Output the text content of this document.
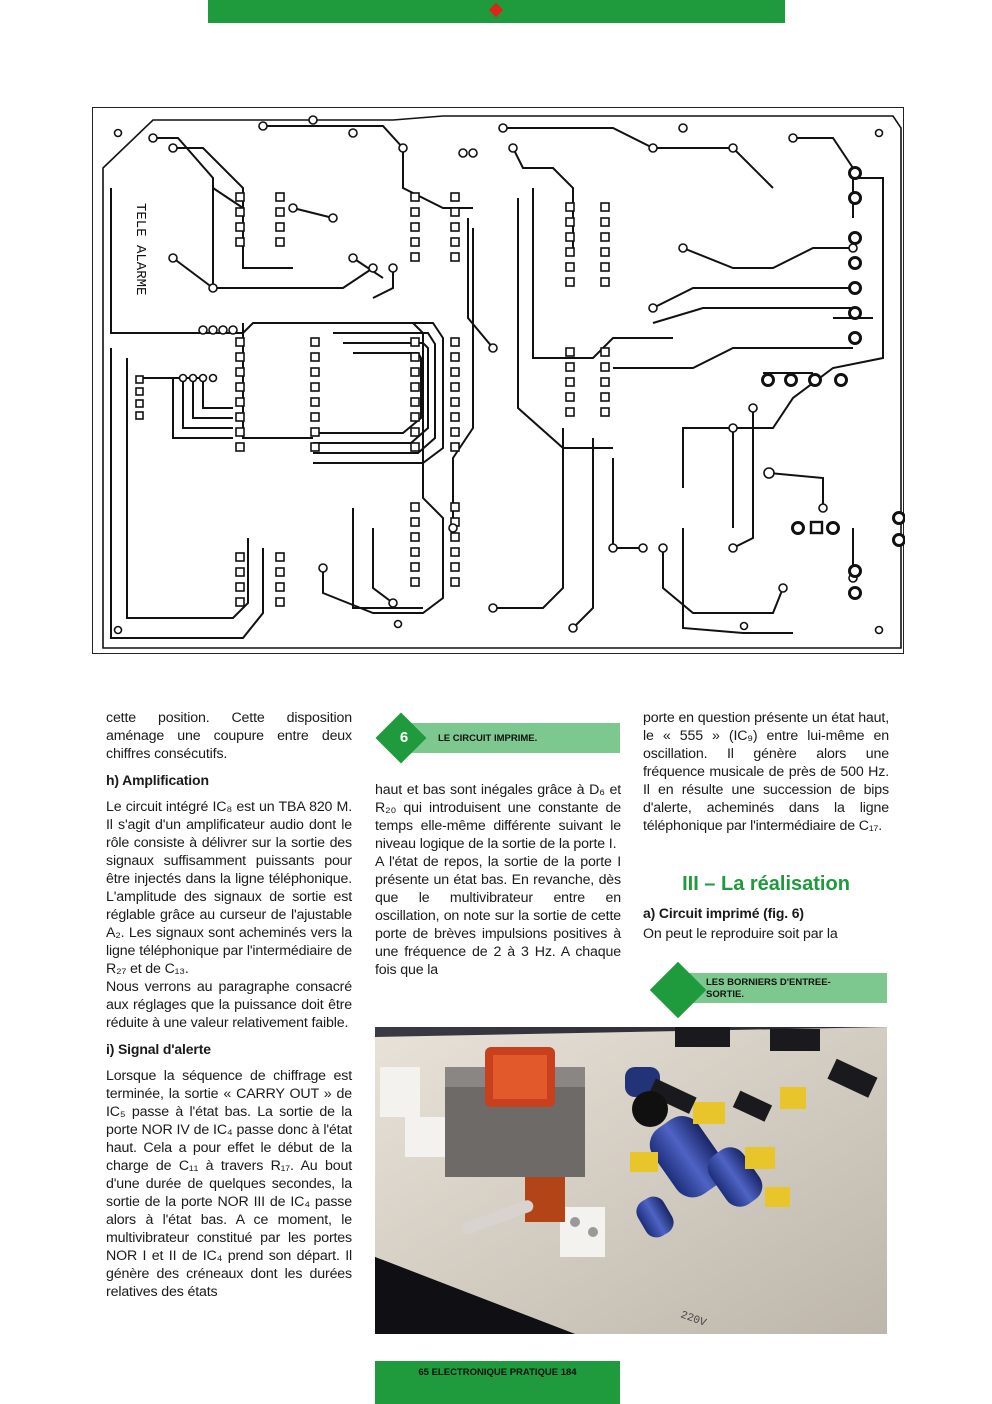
TELE ALARME

cette position. Cette disposition aménage une coupure entre deux chiffres consécutifs.

h) Amplification

Le circuit intégré IC₈ est un TBA 820 M. Il s'agit d'un amplificateur audio dont le rôle consiste à délivrer sur la sortie des signaux suffisamment puissants pour être injectés dans la ligne téléphonique. L'amplitude des signaux de sortie est réglable grâce au curseur de l'ajustable A₂. Les signaux sont acheminés vers la ligne téléphonique par l'intermédiaire de R₂₇ et de C₁₃.

Nous verrons au paragraphe consacré aux réglages que la puissance doit être réduite à une valeur relativement faible.

i) Signal d'alerte

Lorsque la séquence de chiffrage est terminée, la sortie « CARRY OUT » de IC₅ passe à l'état bas. La sortie de la porte NOR IV de IC₄ passe donc à l'état haut. Cela a pour effet le début de la charge de C₁₁ à travers R₁₇. Au bout d'une durée de quelques secondes, la sortie de la porte NOR III de IC₄ passe alors à l'état bas. A ce moment, le multivibrateur constitué par les portes NOR I et II de IC₄ prend son départ. Il génère des créneaux dont les durées relatives des états

6	LE CIRCUIT IMPRIME.

haut et bas sont inégales grâce à D₆ et R₂₀ qui introduisent une constante de temps elle-même différente suivant le niveau logique de la sortie de la porte I.

A l'état de repos, la sortie de la porte I présente un état bas. En revanche, dès que le multivibrateur entre en oscillation, on note sur la sortie de cette porte de brèves impulsions positives à une fréquence de 2 à 3 Hz. A chaque fois que la

porte en question présente un état haut, le « 555 » (IC₉) entre lui-même en oscillation. Il génère alors une fréquence musicale de près de 500 Hz. Il en résulte une succession de bips d'alerte, acheminés dans la ligne téléphonique par l'intermédiaire de C₁₇.

III – La réalisation
a) Circuit imprimé (fig. 6)

On peut le reproduire soit par la

LES BORNIERS D'ENTREE-SORTIE.
220V
65 ELECTRONIQUE PRATIQUE 184
